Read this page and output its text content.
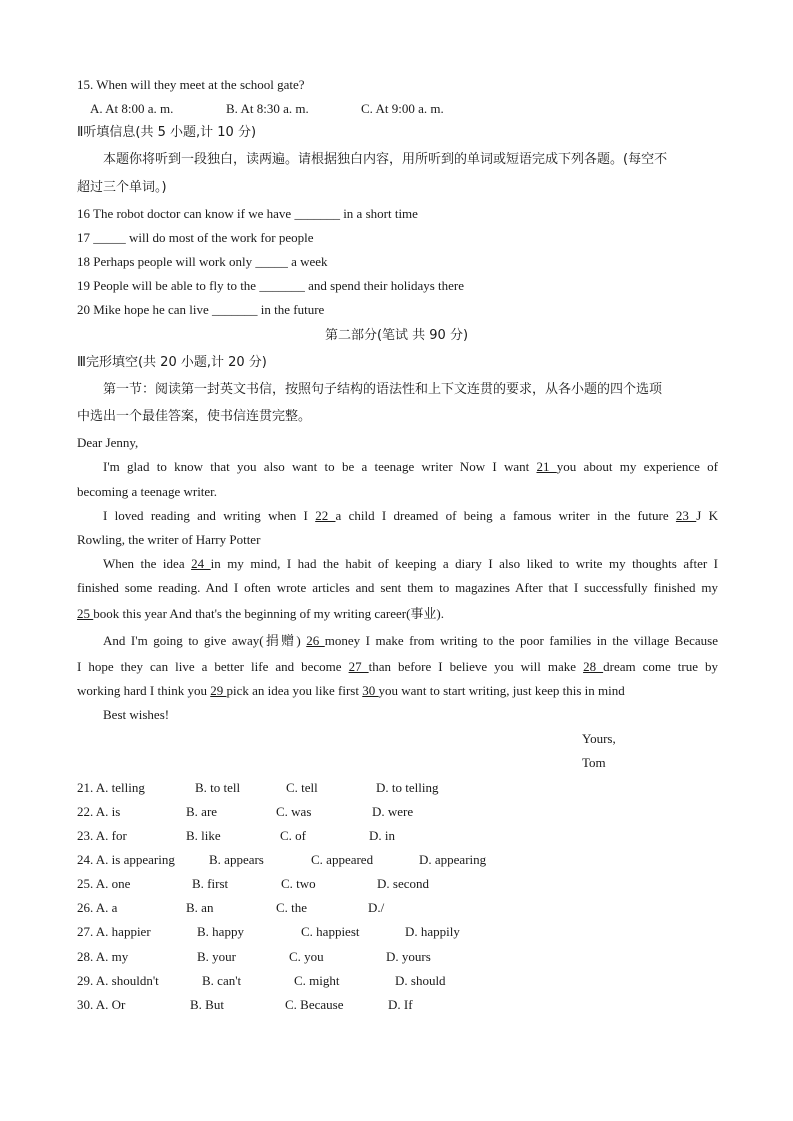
15. When will they meet at the school gate?
A. At 8:00 a. m.	B. At 8:30 a. m.	C. At 9:00 a. m.
Ⅱ听填信息(共 5 小题,计 10 分)
本题你将听到一段独白，读两遍。请根据独白内容，用所听到的单词或短语完成下列各题。(每空不
超过三个单词。)
16 The robot doctor can know if we have _______ in a short time
17 _____ will do most of the work for people
18 Perhaps people will work only _____ a week
19 People will be able to fly to the _______ and spend their holidays there
20 Mike hope he can live _______ in the future
第二部分(笔试 共 90 分)
Ⅲ完形填空(共 20 小题,计 20 分)
第一节：阅读第一封英文书信，按照句子结构的语法性和上下文连贯的要求，从各小题的四个选项
中选出一个最佳答案，使书信连贯完整。
Dear Jenny,
I'm glad to know that you also want to be a teenage writer Now I want 21 you about my experience of
becoming a teenage writer.
I loved reading and writing when I 22 a child I dreamed of being a famous writer in the future 23 J K
Rowling, the writer of Harry Potter
When the idea 24 in my mind, I had the habit of keeping a diary I also liked to write my thoughts after I
finished some reading. And I often wrote articles and sent them to magazines After that I successfully finished my
25 book this year And that's the beginning of my writing career(事业).
And I'm going to give away(捐赠) 26 money I make from writing to the poor families in the village Because
I hope they can live a better life and become 27 than before I believe you will make 28 dream come true by
working hard I think you 29 pick an idea you like first 30 you want to start writing, just keep this in mind
Best wishes!
Yours,
Tom
21. A. telling	B. to tell	C. tell	D. to telling
22. A. is	B. are	C. was	D. were
23. A. for	B. like	C. of	D. in
24. A. is appearing	B. appears	C. appeared	D. appearing
25. A. one	B. first	C. two	D. second
26. A. a	B. an	C. the	D./
27. A. happier	B. happy	C. happiest	D. happily
28. A. my	B. your	C. you	D. yours
29. A. shouldn't	B. can't	C. might	D. should
30. A. Or	B. But	C. Because	D. If
